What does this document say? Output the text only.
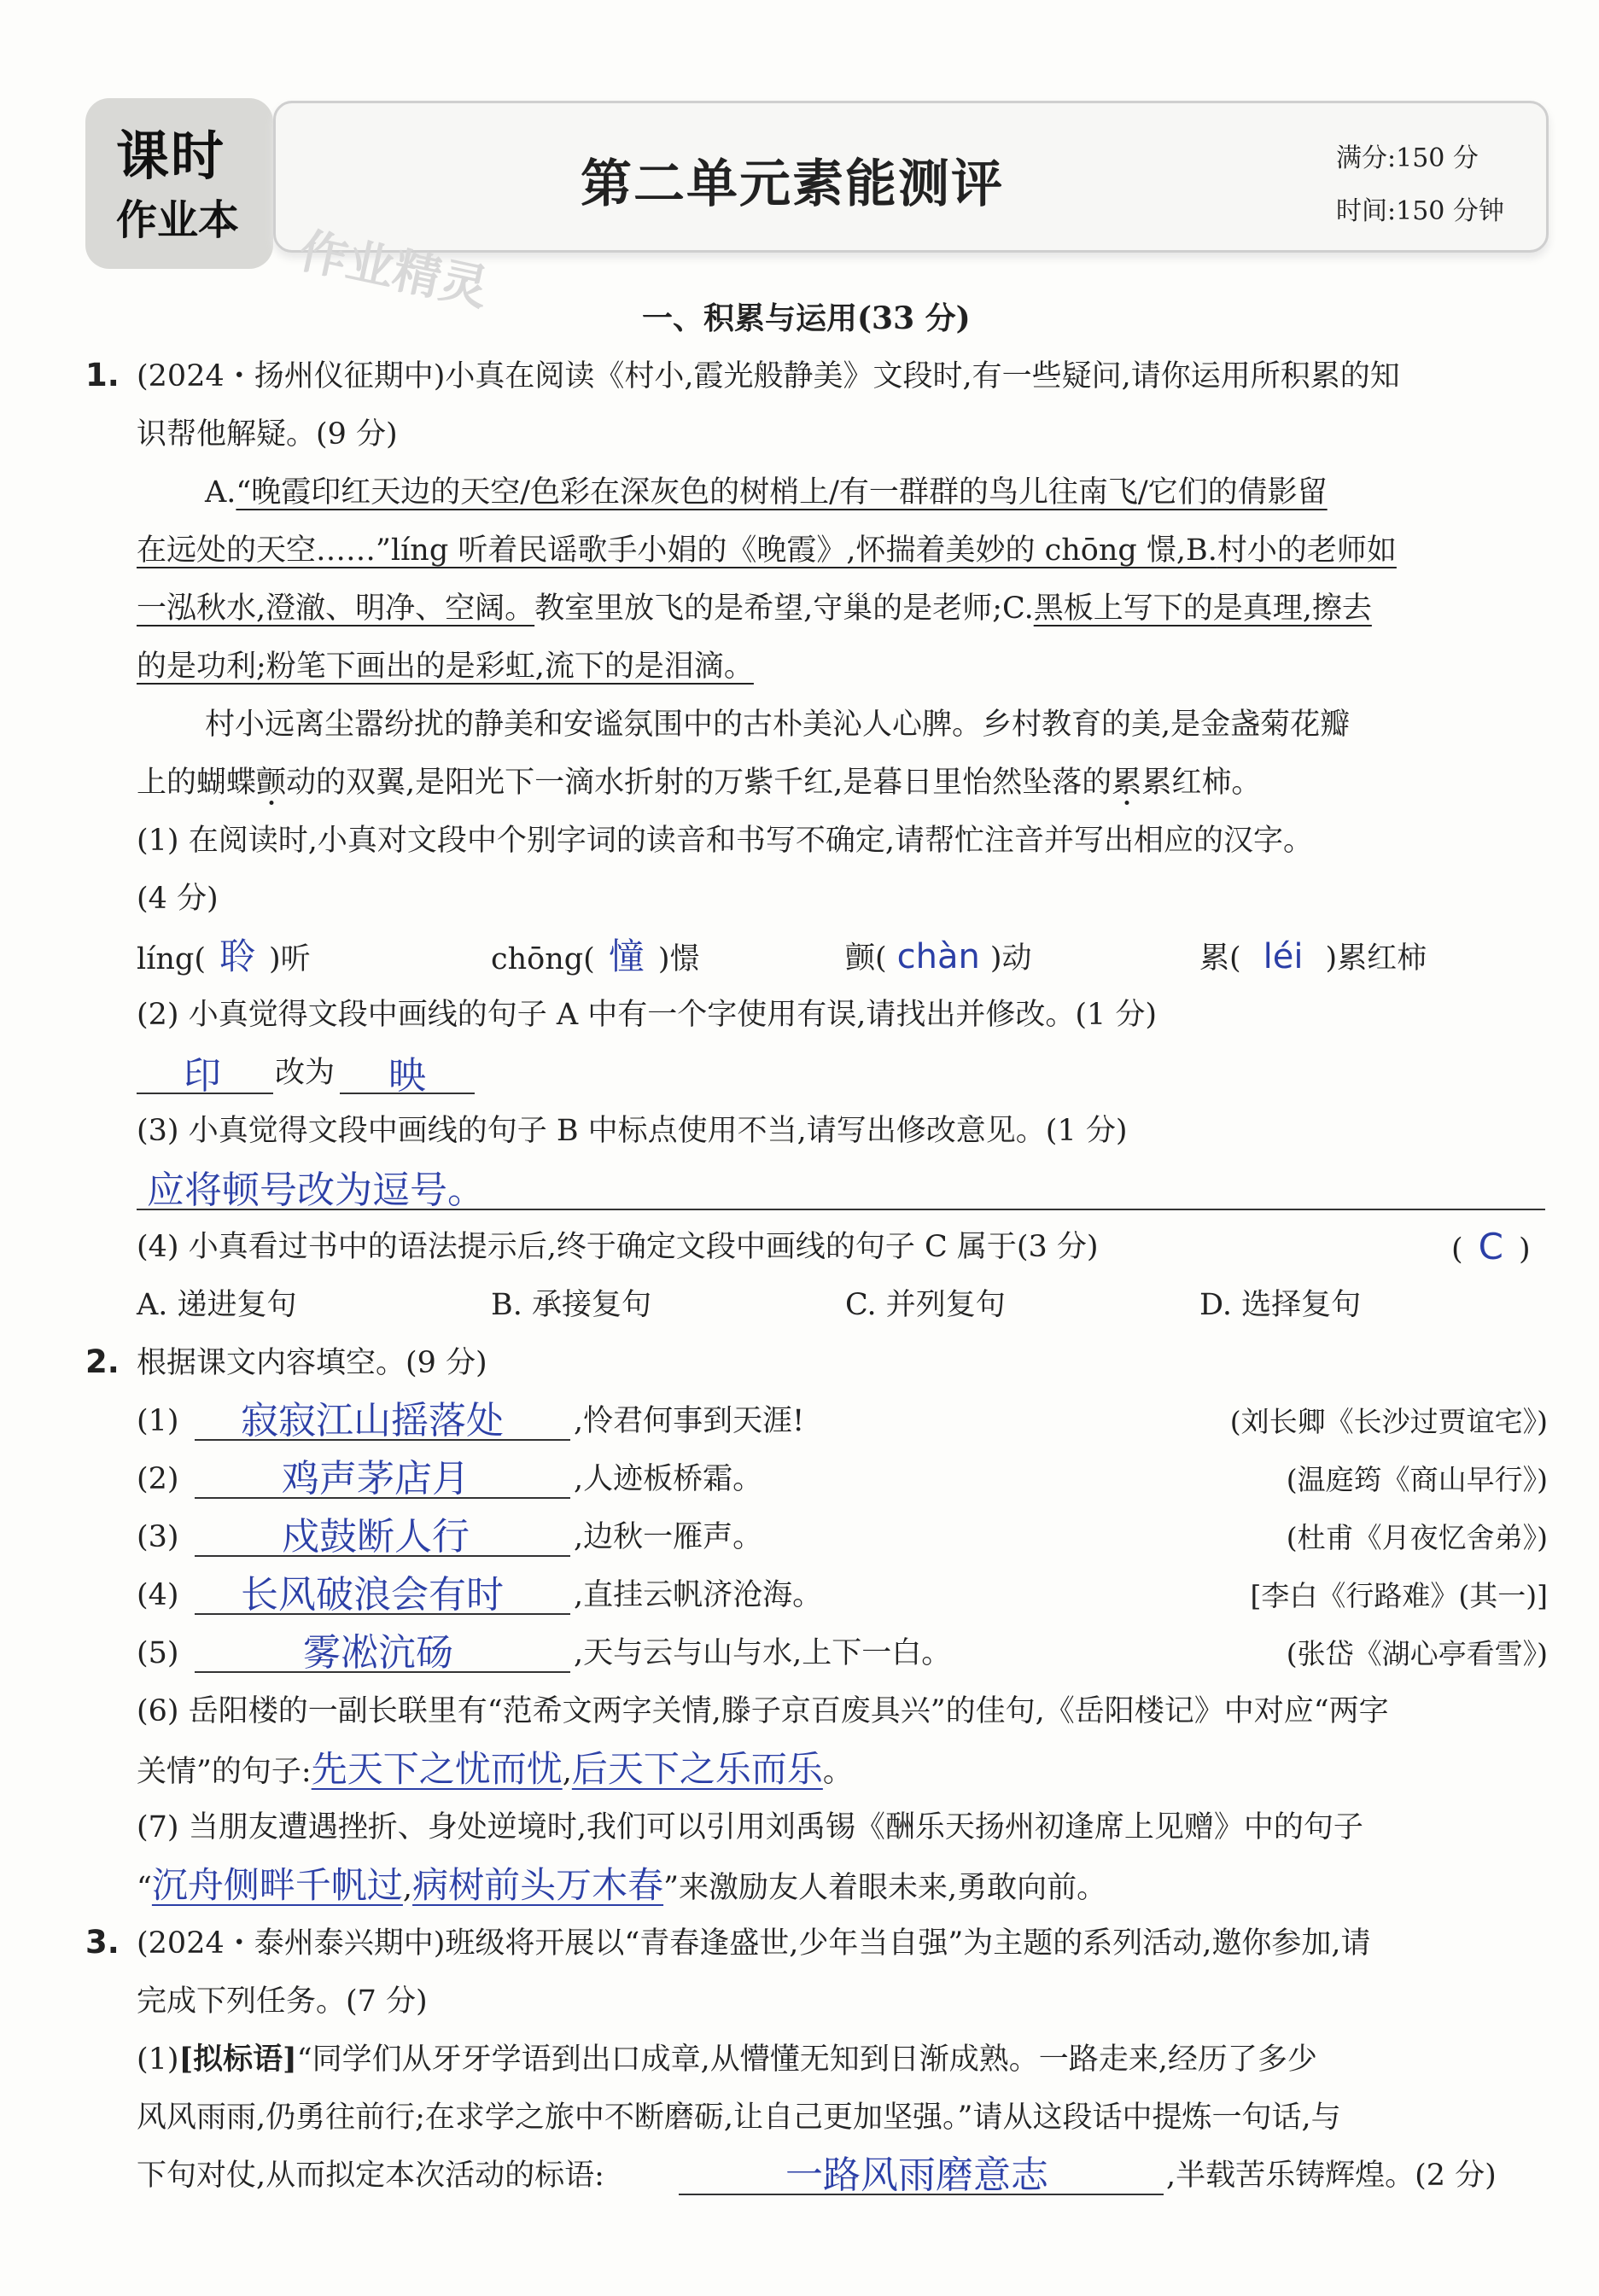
课时
作业本
第二单元素能测评	满分:150 分
时间:150 分钟
作业精灵
一、积累与运用(33 分)
1. (2024・扬州仪征期中)小真在阅读《村小,霞光般静美》文段时,有一些疑问,请你运用所积累的知
识帮他解疑。(9 分)
A.“晚霞印红天边的天空/色彩在深灰色的树梢上/有一群群的鸟儿往南飞/它们的倩影留
在远处的天空……”líng 听着民谣歌手小娟的《晚霞》,怀揣着美妙的 chōng 憬,B.村小的老师如
一泓秋水,澄澈、明净、空阔。教室里放飞的是希望,守巢的是老师;C.黑板上写下的是真理,擦去
的是功利;粉笔下画出的是彩虹,流下的是泪滴。
村小远离尘嚣纷扰的静美和安谧氛围中的古朴美沁人心脾。乡村教育的美,是金盏菊花瓣
上的蝴蝶颤动的双翼,是阳光下一滴水折射的万紫千红,是暮日里怡然坠落的累累红柿。
(1) 在阅读时,小真对文段中个别字词的读音和书写不确定,请帮忙注音并写出相应的汉字。
(4 分)
líng( 聆 )听	chōng( 憧 )憬	颤( chàn )动	累( léi )累红柿
(2) 小真觉得文段中画线的句子 A 中有一个字使用有误,请找出并修改。(1 分)
印 改为 映
(3) 小真觉得文段中画线的句子 B 中标点使用不当,请写出修改意见。(1 分)
应将顿号改为逗号。
(4) 小真看过书中的语法提示后,终于确定文段中画线的句子 C 属于(3 分)	( C )
A. 递进复句	B. 承接复句	C. 并列复句	D. 选择复句
2. 根据课文内容填空。(9 分)
(1) 寂寂江山摇落处 ,怜君何事到天涯!	(刘长卿《长沙过贾谊宅》)
(2)	鸡声茅店月	,人迹板桥霜。	(温庭筠《商山早行》)
(3)	戍鼓断人行	,边秋一雁声。	(杜甫《月夜忆舍弟》)
(4) 长风破浪会有时 ,直挂云帆济沧海。	[李白《行路难》(其一)]
(5)	雾凇沆砀	,天与云与山与水,上下一白。	(张岱《湖心亭看雪》)
(6) 岳阳楼的一副长联里有“范希文两字关情,滕子京百废具兴”的佳句,《岳阳楼记》中对应“两字
关情”的句子:先天下之忧而忧,后天下之乐而乐。
(7) 当朋友遭遇挫折、身处逆境时,我们可以引用刘禹锡《酬乐天扬州初逢席上见赠》中的句子
“沉舟侧畔千帆过,病树前头万木春”来激励友人着眼未来,勇敢向前。
3. (2024・泰州泰兴期中)班级将开展以“青春逢盛世,少年当自强”为主题的系列活动,邀你参加,请
完成下列任务。(7 分)
(1)[拟标语]“同学们从牙牙学语到出口成章,从懵懂无知到日渐成熟。一路走来,经历了多少
风风雨雨,仍勇往前行;在求学之旅中不断磨砺,让自己更加坚强。”请从这段话中提炼一句话,与
下句对仗,从而拟定本次活动的标语:	一路风雨磨意志	,半载苦乐铸辉煌。(2 分)
